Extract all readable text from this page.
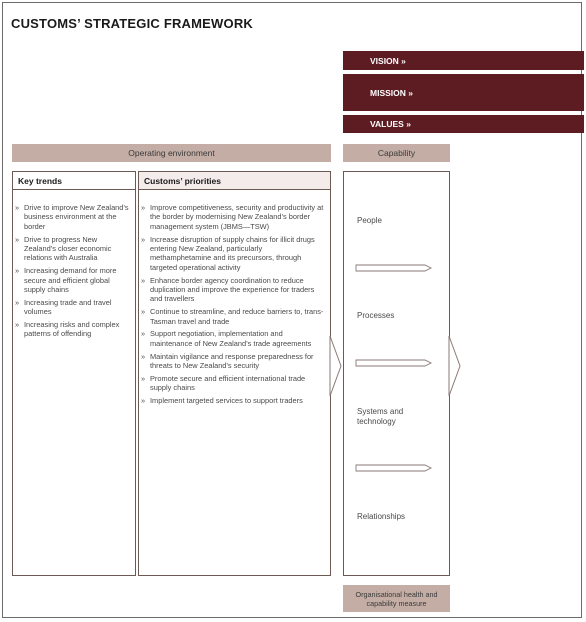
CUSTOMS’ STRATEGIC FRAMEWORK
VISION »
MISSION »
VALUES »
Operating environment	Capability
Key trends
» Drive to improve New Zealand’s business environment at the border
» Drive to progress New Zealand’s closer economic relations with Australia
» Increasing demand for more secure and efficient global supply chains
» Increasing trade and travel volumes
» Increasing risks and complex patterns of offending
Customs’ priorities
» Improve competitiveness, security and productivity at the border by modernising New Zealand’s border management system (JBMS—TSW)
» Increase disruption of supply chains for illicit drugs entering New Zealand, particularly methamphetamine and its precursors, through targeted operational activity
» Enhance border agency coordination to reduce duplication and improve the experience for traders and travellers
» Continue to streamline, and reduce barriers to, trans-Tasman travel and trade
» Support negotiation, implementation and maintenance of New Zealand’s trade agreements
» Maintain vigilance and response preparedness for threats to New Zealand’s security
» Promote secure and efficient international trade supply chains
» Implement targeted services to support traders
People
Processes
Systems and technology
Relationships
Organisational health and capability measure
